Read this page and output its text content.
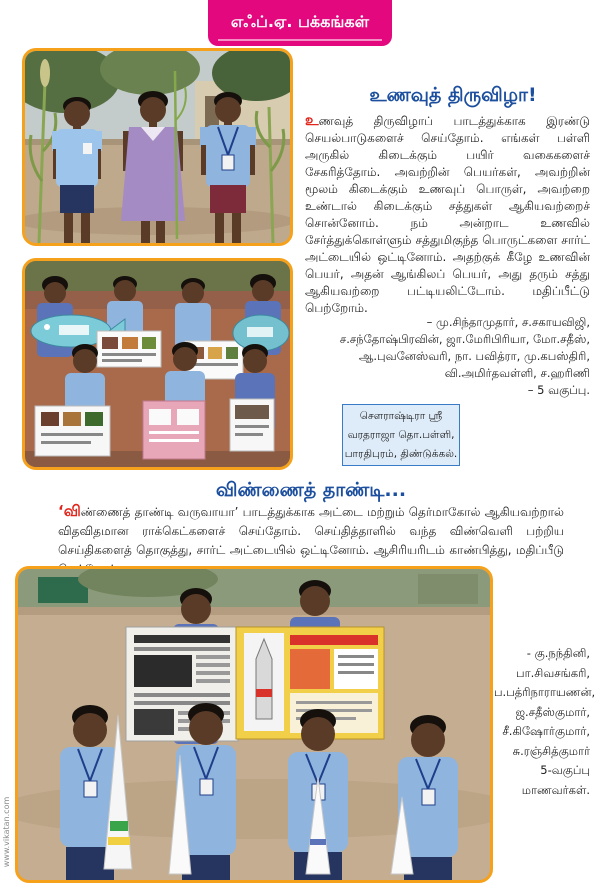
எஃப்.ஏ. பக்கங்கள்
உணவுத் திருவிழா!
உணவுத் திருவிழாப் பாடத்துக்காக இரண்டு செயல்பாடுகளைச் செய்தோம். எங்கள் பள்ளி அருகில் கிடைக்கும் பயிர் வகைகளைச் சேகரித்தோம். அவற்றின் பெயர்கள், அவற்றின் மூலம் கிடைக்கும் உணவுப் பொருள், அவற்றை உண்டால் கிடைக்கும் சத்துகள் ஆகியவற்றைச் சொன்னோம். நம் அன்றாட உணவில் சேர்த்துக்கொள்ளும் சத்துமிகுந்த பொருட்களை சார்ட் அட்டையில் ஒட்டினோம். அதற்குக் கீழே உணவின் பெயர், அதன் ஆங்கிலப் பெயர், அது தரும் சத்து ஆகியவற்றை பட்டியலிட்டோம். மதிப்பீட்டு பெற்றோம்.
– மு.சிந்தாமுதார், ச.சகாயவிஜி,
ச.சந்தோஷ்பிரவின், ஜா.மேரிபிரியா, மோ.சதீஸ்,
ஆ.புவனேஸ்வரி, நா. பவித்ரா, மு.கபஸ்திரி,
வி.அமிர்தவள்ளி, ச.ஹரிணி
– 5 வகுப்பு.
சௌராஷ்டிரா ஸ்ரீ
வரதராஜா தொ.பள்ளி,
பாரதிபுரம், திண்டுக்கல்.
விண்ணைத் தாண்டி...
‘விண்ணைத் தாண்டி வருவாயா’ பாடத்துக்காக அட்டை மற்றும் தெர்மாகோல் ஆகியவற்றால் விதவிதமான ராக்கெட்களைச் செய்தோம். செய்தித்தாளில் வந்த விண்வெளி பற்றிய செய்திகளைத் தொகுத்து, சார்ட் அட்டையில் ஒட்டினோம். ஆசிரியரிடம் காண்பித்து, மதிப்பீடு
- கு.நந்தினி,
பா.சிவசங்கரி,
ப.பத்ரிநாராயணன்,
ஜ.சதீஸ்குமார்,
சீ.கிஷோர்குமார்,
சு.ரஞ்சித்குமார்
5-வகுப்பு
மாணவர்கள்.
www.vikatan.com
